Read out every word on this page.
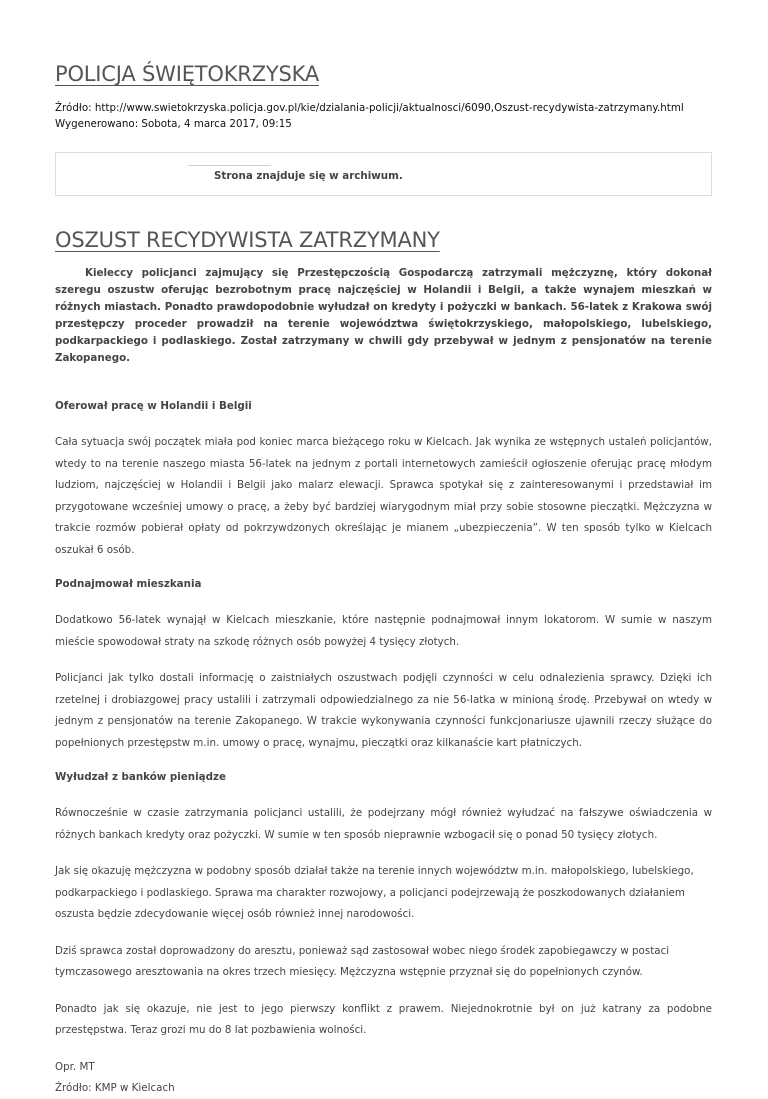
POLICJA ŚWIĘTOKRZYSKA
Źródło: http://www.swietokrzyska.policja.gov.pl/kie/dzialania-policji/aktualnosci/6090,Oszust-recydywista-zatrzymany.html
Wygenerowano: Sobota, 4 marca 2017, 09:15
Strona znajduje się w archiwum.
OSZUST RECYDYWISTA ZATRZYMANY

Kieleccy policjanci zajmujący się Przestępczością Gospodarczą zatrzymali mężczyznę, który dokonał szeregu oszustw oferując bezrobotnym pracę najczęściej w Holandii i Belgii, a także wynajem mieszkań w różnych miastach. Ponadto prawdopodobnie wyłudzał on kredyty i pożyczki w bankach. 56-latek z Krakowa swój przestępczy proceder prowadził na terenie województwa świętokrzyskiego, małopolskiego, lubelskiego, podkarpackiego i podlaskiego. Został zatrzymany w chwili gdy przebywał w jednym z pensjonatów na terenie Zakopanego.

Oferował pracę w Holandii i Belgii

Cała sytuacja swój początek miała pod koniec marca bieżącego roku w Kielcach. Jak wynika ze wstępnych ustaleń policjantów, wtedy to na terenie naszego miasta 56-latek na jednym z portali internetowych zamieścił ogłoszenie oferując pracę młodym ludziom, najczęściej w Holandii i Belgii jako malarz elewacji. Sprawca spotykał się z zainteresowanymi i przedstawiał im przygotowane wcześniej umowy o pracę, a żeby być bardziej wiarygodnym miał przy sobie stosowne pieczątki. Mężczyzna w trakcie rozmów pobierał opłaty od pokrzywdzonych określając je mianem „ubezpieczenia”. W ten sposób tylko w Kielcach oszukał 6 osób.

Podnajmował mieszkania

Dodatkowo 56-latek wynajął w Kielcach mieszkanie, które następnie podnajmował innym lokatorom. W sumie w naszym mieście spowodował straty na szkodę różnych osób powyżej 4 tysięcy złotych.

Policjanci jak tylko dostali informację o zaistniałych oszustwach podjęli czynności w celu odnalezienia sprawcy. Dzięki ich rzetelnej i drobiazgowej pracy ustalili i zatrzymali odpowiedzialnego za nie 56-latka w minioną środę. Przebywał on wtedy w jednym z pensjonatów na terenie Zakopanego. W trakcie wykonywania czynności funkcjonariusze ujawnili rzeczy służące do popełnionych przestępstw m.in. umowy o pracę, wynajmu, pieczątki oraz kilkanaście kart płatniczych.

Wyłudzał z banków pieniądze

Równocześnie w czasie zatrzymania policjanci ustalili, że podejrzany mógł również wyłudzać na fałszywe oświadczenia w różnych bankach kredyty oraz pożyczki. W sumie w ten sposób nieprawnie wzbogacił się o ponad 50 tysięcy złotych.

Jak się okazuję mężczyzna w podobny sposób działał także na terenie innych województw m.in. małopolskiego, lubelskiego, podkarpackiego i podlaskiego. Sprawa ma charakter rozwojowy, a policjanci podejrzewają że poszkodowanych działaniem oszusta będzie zdecydowanie więcej osób również innej narodowości.

Dziś sprawca został doprowadzony do aresztu, ponieważ sąd zastosował wobec niego środek zapobiegawczy w postaci tymczasowego aresztowania na okres trzech miesięcy. Mężczyzna wstępnie przyznał się do popełnionych czynów.

Ponadto jak się okazuje, nie jest to jego pierwszy konflikt z prawem. Niejednokrotnie był on już katrany za podobne przestępstwa. Teraz grozi mu do 8 lat pozbawienia wolności.

Opr. MT
Źródło: KMP w Kielcach
